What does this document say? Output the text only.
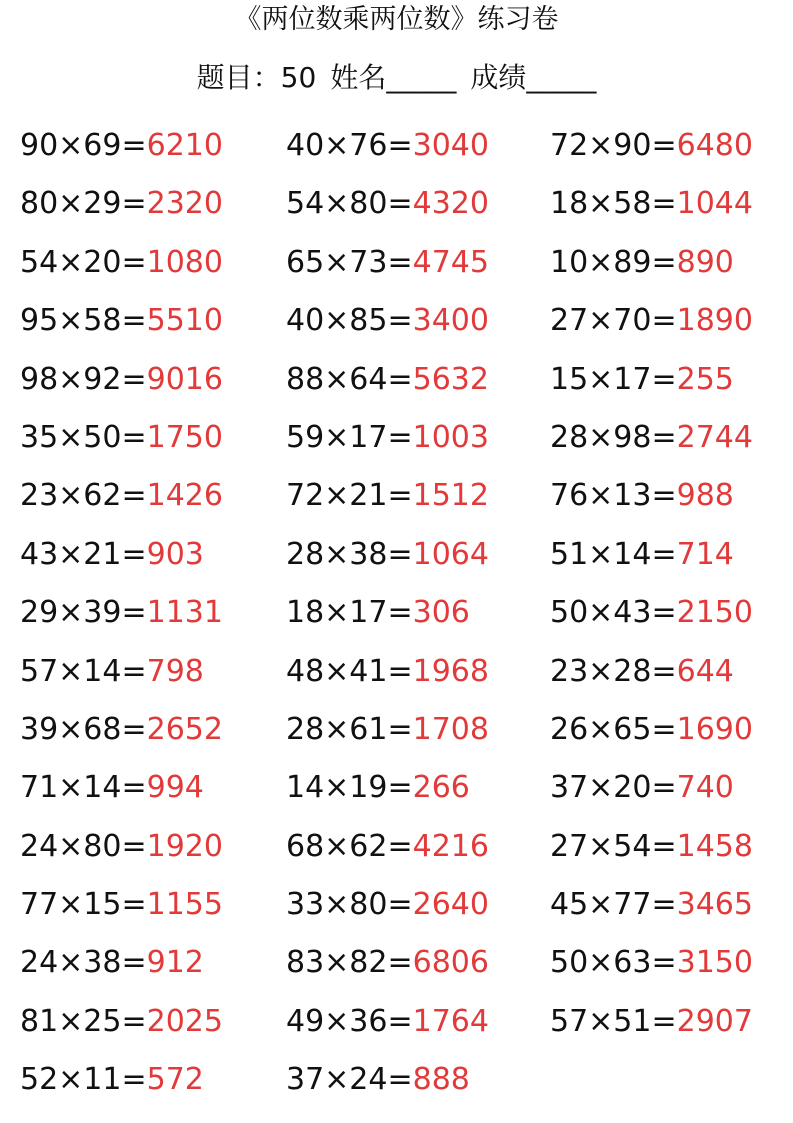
《两位数乘两位数》练习卷
题目：50 姓名_____ 成绩_____
90×69=6210	40×76=3040	72×90=6480
80×29=2320	54×80=4320	18×58=1044
54×20=1080	65×73=4745	10×89=890
95×58=5510	40×85=3400	27×70=1890
98×92=9016	88×64=5632	15×17=255
35×50=1750	59×17=1003	28×98=2744
23×62=1426	72×21=1512	76×13=988
43×21=903	28×38=1064	51×14=714
29×39=1131	18×17=306	50×43=2150
57×14=798	48×41=1968	23×28=644
39×68=2652	28×61=1708	26×65=1690
71×14=994	14×19=266	37×20=740
24×80=1920	68×62=4216	27×54=1458
77×15=1155	33×80=2640	45×77=3465
24×38=912	83×82=6806	50×63=3150
81×25=2025	49×36=1764	57×51=2907
52×11=572	37×24=888
